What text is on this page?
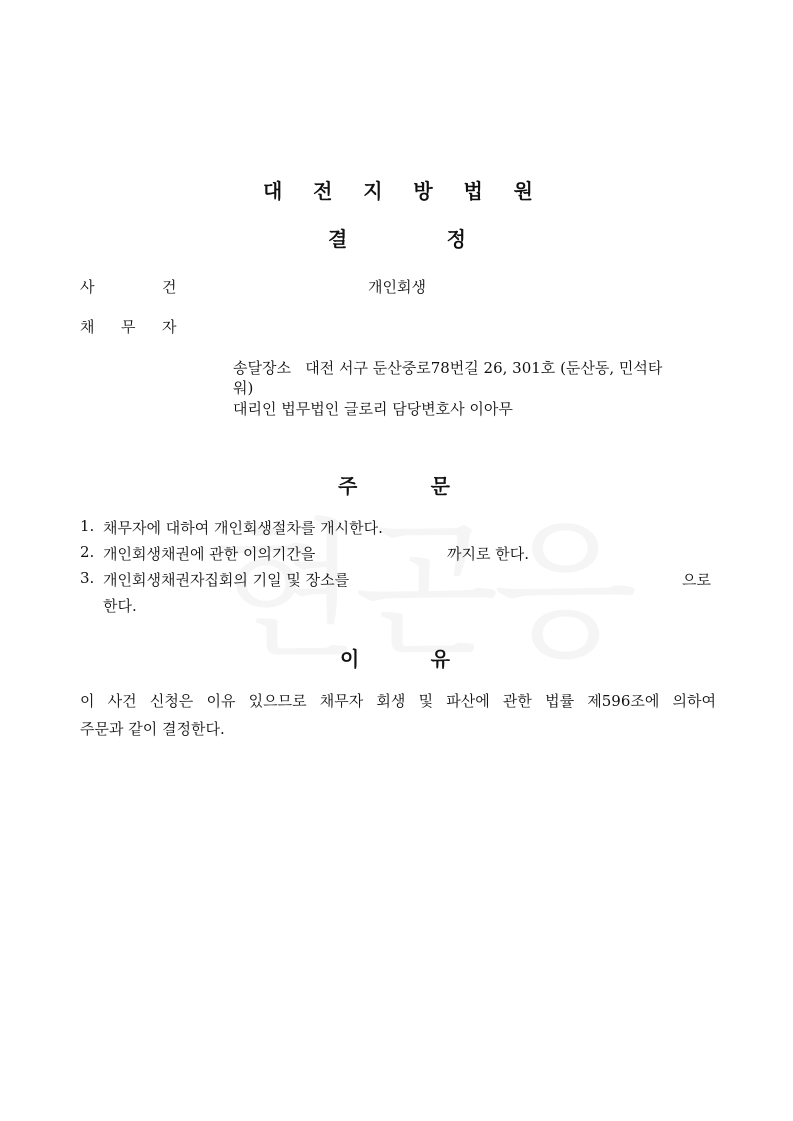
대 전 지 방 법 원
결	정
사	건	개인회생
채 무 자
송달장소   대전 서구 둔산중로78번길 26, 301호 (둔산동, 민석타
워)
대리인 법무법인 글로리 담당변호사 이아무
주	문
1. 채무자에 대하여 개인회생절차를 개시한다.
2. 개인회생채권에 관한 이의기간을	까지로 한다.
3. 개인회생채권자집회의 기일 및 장소를	으로
한다.
이	유
이 사건 신청은 이유 있으므로 채무자 회생 및 파산에 관한 법률 제596조에 의하여
주문과 같이 결정한다.
